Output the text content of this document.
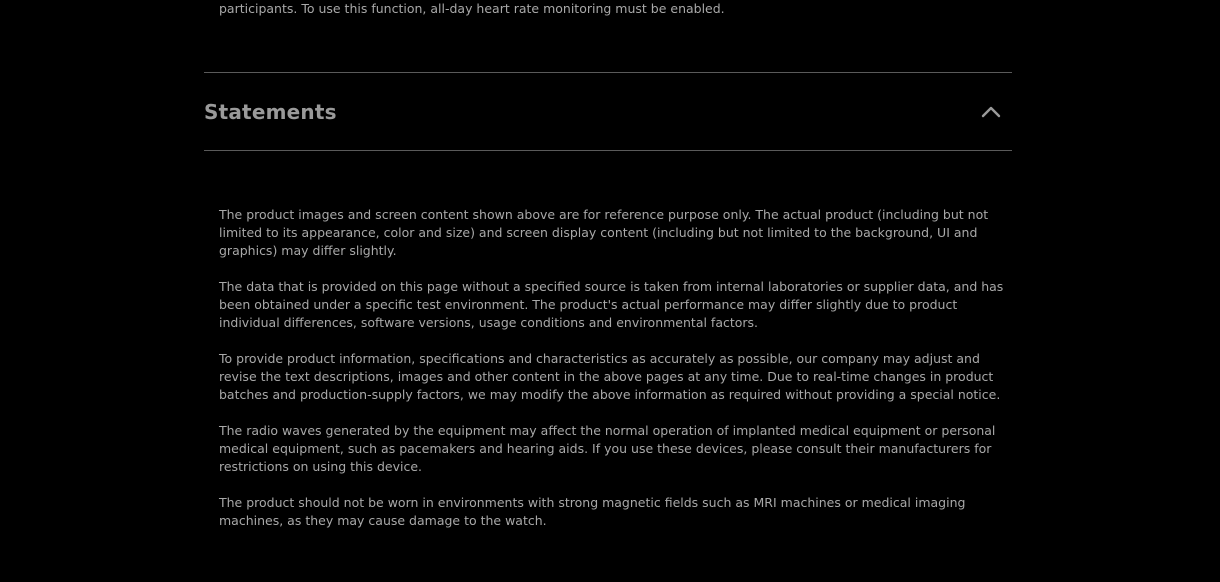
participants. To use this function, all-day heart rate monitoring must be enabled.

Statements

The product images and screen content shown above are for reference purpose only. The actual product (including but not limited to its appearance, color and size) and screen display content (including but not limited to the background, UI and graphics) may differ slightly.

The data that is provided on this page without a specified source is taken from internal laboratories or supplier data, and has been obtained under a specific test environment. The product's actual performance may differ slightly due to product individual differences, software versions, usage conditions and environmental factors.

To provide product information, specifications and characteristics as accurately as possible, our company may adjust and revise the text descriptions, images and other content in the above pages at any time. Due to real-time changes in product batches and production-supply factors, we may modify the above information as required without providing a special notice.

The radio waves generated by the equipment may affect the normal operation of implanted medical equipment or personal medical equipment, such as pacemakers and hearing aids. If you use these devices, please consult their manufacturers for restrictions on using this device.

The product should not be worn in environments with strong magnetic fields such as MRI machines or medical imaging machines, as they may cause damage to the watch.
